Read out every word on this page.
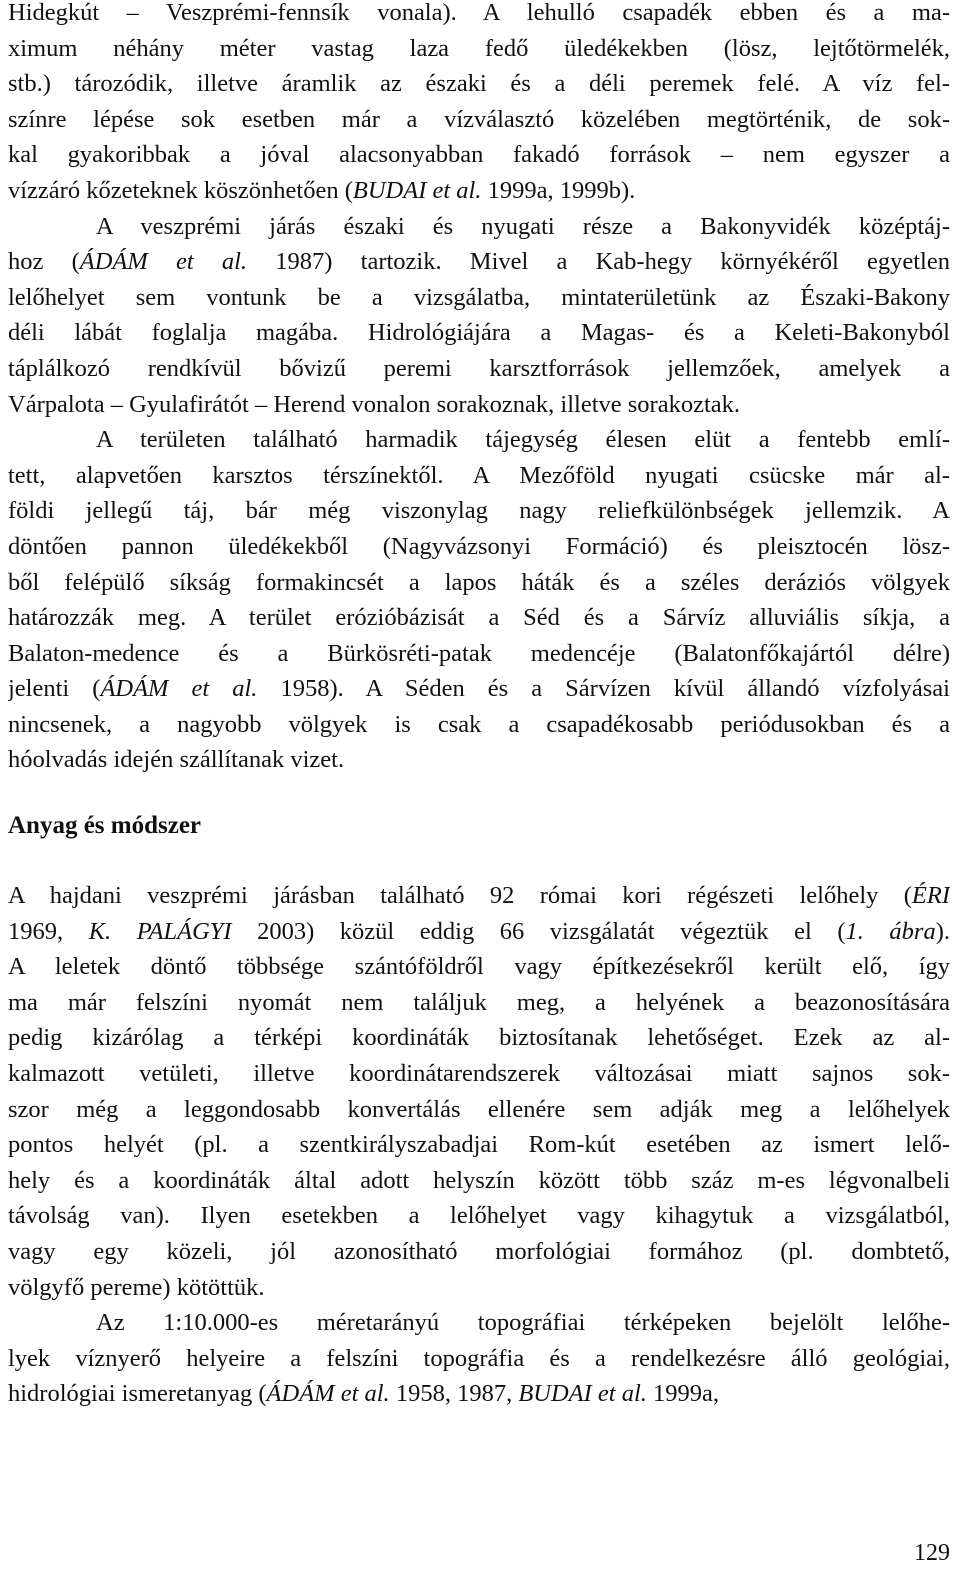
Hidegkút – Veszprémi-fennsík vonala). A lehulló csapadék ebben és a ma-
ximum néhány méter vastag laza fedő üledékekben (lösz, lejtőtörmelék,
stb.) tározódik, illetve áramlik az északi és a déli peremek felé. A víz fel-
színre lépése sok esetben már a vízválasztó közelében megtörténik, de sok-
kal gyakoribbak a jóval alacsonyabban fakadó források – nem egyszer a
vízzáró kőzeteknek köszönhetően (BUDAI et al. 1999a, 1999b).

A veszprémi járás északi és nyugati része a Bakonyvidék középtáj-
hoz (ÁDÁM et al. 1987) tartozik. Mivel a Kab-hegy környékéről egyetlen
lelőhelyet sem vontunk be a vizsgálatba, mintaterületünk az Északi-Bakony
déli lábát foglalja magába. Hidrológiájára a Magas- és a Keleti-Bakonyból
táplálkozó rendkívül bővizű peremi karsztforrások jellemzőek, amelyek a
Várpalota – Gyulafirátót – Herend vonalon sorakoznak, illetve sorakoztak.

A területen található harmadik tájegység élesen elüt a fentebb emlí-
tett, alapvetően karsztos térszínektől. A Mezőföld nyugati csücske már al-
földi jellegű táj, bár még viszonylag nagy reliefkülönbségek jellemzik. A
döntően pannon üledékekből (Nagyvázsonyi Formáció) és pleisztocén lösz-
ből felépülő síkság formakincsét a lapos háták és a széles deráziós völgyek
határozzák meg. A terület erózióbázisát a Séd és a Sárvíz alluviális síkja, a
Balaton-medence és a Bürkösréti-patak medencéje (Balatonfőkajártól délre)
jelenti (ÁDÁM et al. 1958). A Séden és a Sárvízen kívül állandó vízfolyásai
nincsenek, a nagyobb völgyek is csak a csapadékosabb periódusokban és a
hóolvadás idején szállítanak vizet.

Anyag és módszer

A hajdani veszprémi járásban található 92 római kori régészeti lelőhely (ÉRI
1969, K. PALÁGYI 2003) közül eddig 66 vizsgálatát végeztük el (1. ábra).
A leletek döntő többsége szántóföldről vagy építkezésekről került elő, így
ma már felszíni nyomát nem találjuk meg, a helyének a beazonosítására
pedig kizárólag a térképi koordináták biztosítanak lehetőséget. Ezek az al-
kalmazott vetületi, illetve koordinátarendszerek változásai miatt sajnos sok-
szor még a leggondosabb konvertálás ellenére sem adják meg a lelőhelyek
pontos helyét (pl. a szentkirályszabadjai Rom-kút esetében az ismert lelő-
hely és a koordináták által adott helyszín között több száz m-es légvonalbeli
távolság van). Ilyen esetekben a lelőhelyet vagy kihagytuk a vizsgálatból,
vagy egy közeli, jól azonosítható morfológiai formához (pl. dombtető,
völgyfő pereme) kötöttük.

Az 1:10.000-es méretarányú topográfiai térképeken bejelölt lelőhe-
lyek víznyerő helyeire a felszíni topográfia és a rendelkezésre álló geológiai,
hidrológiai ismeretanyag (ÁDÁM et al. 1958, 1987, BUDAI et al. 1999a,

129
